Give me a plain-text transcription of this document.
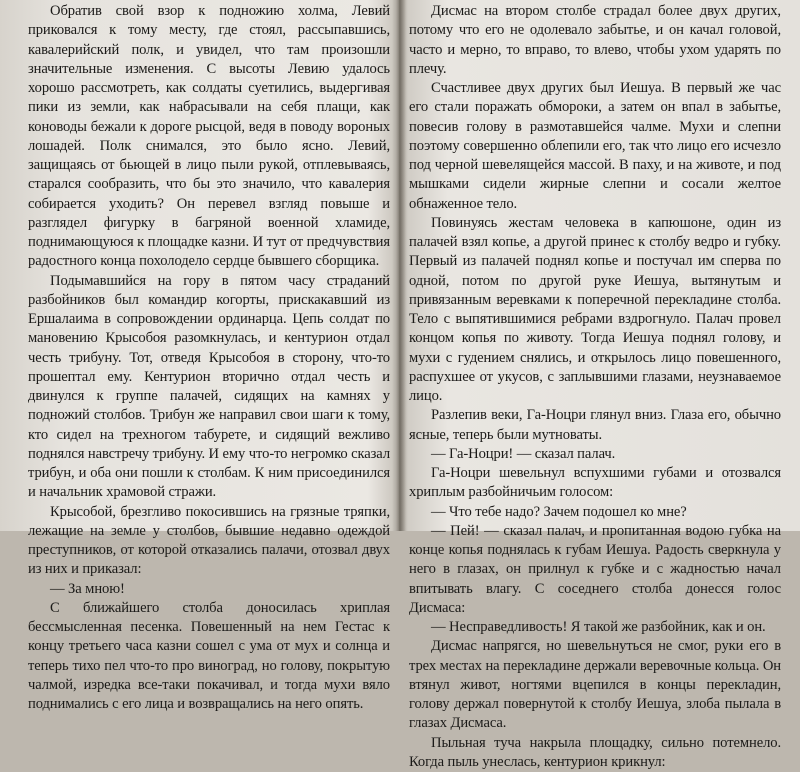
Обратив свой взор к подножию холма, Левий приковался к тому месту, где стоял, рассыпавшись, кавалерийский полк, и увидел, что там произошли значительные изменения. С высоты Левию удалось хорошо рассмотреть, как солдаты суетились, выдергивая пики из земли, как набрасывали на себя плащи, как коноводы бежали к дороге рысцой, ведя в поводу вороных лошадей. Полк снимался, это было ясно. Левий, защищаясь от бьющей в лицо пыли рукой, отплевываясь, старался сообразить, что бы это значило, что кавалерия собирается уходить? Он перевел взгляд повыше и разглядел фигурку в багряной военной хламиде, поднимающуюся к площадке казни. И тут от предчувствия радостного конца похолодело сердце бывшего сборщика.

Подымавшийся на гору в пятом часу страданий разбойников был командир когорты, прискакавший из Ершалаима в сопровождении ординарца. Цепь солдат по мановению Крысобоя разомкнулась, и кентурион отдал честь трибуну. Тот, отведя Крысобоя в сторону, что-то прошептал ему. Кентурион вторично отдал честь и двинулся к группе палачей, сидящих на камнях у подножий столбов. Трибун же направил свои шаги к тому, кто сидел на трехногом табурете, и сидящий вежливо поднялся навстречу трибуну. И ему что-то негромко сказал трибун, и оба они пошли к столбам. К ним присоединился и начальник храмовой стражи.

Крысобой, брезгливо покосившись на грязные тряпки, лежащие на земле у столбов, бывшие недавно одеждой преступников, от которой отказались палачи, отозвал двух из них и приказал:

— За мною!

С ближайшего столба доносилась хриплая бессмысленная песенка. Повешенный на нем Гестас к концу третьего часа казни сошел с ума от мух и солнца и теперь тихо пел что-то про виноград, но голову, покрытую чалмой, изредка все-таки покачивал, и тогда мухи вяло поднимались с его лица и возвращались на него опять.

Дисмас на втором столбе страдал более двух других, потому что его не одолевало забытье, и он качал головой, часто и мерно, то вправо, то влево, чтобы ухом ударять по плечу.

Счастливее двух других был Иешуа. В первый же час его стали поражать обмороки, а затем он впал в забытье, повесив голову в размотавшейся чалме. Мухи и слепни поэтому совершенно облепили его, так что лицо его исчезло под черной шевелящейся массой. В паху, и на животе, и под мышками сидели жирные слепни и сосали желтое обнаженное тело.

Повинуясь жестам человека в капюшоне, один из палачей взял копье, а другой принес к столбу ведро и губку. Первый из палачей поднял копье и постучал им сперва по одной, потом по другой руке Иешуа, вытянутым и привязанным веревками к поперечной перекладине столба. Тело с выпятившимися ребрами вздрогнуло. Палач провел концом копья по животу. Тогда Иешуа поднял голову, и мухи с гудением снялись, и открылось лицо повешенного, распухшее от укусов, с заплывшими глазами, неузнаваемое лицо.

Разлепив веки, Га-Ноцри глянул вниз. Глаза его, обычно ясные, теперь были мутноваты.

— Га-Ноцри! — сказал палач.

Га-Ноцри шевельнул вспухшими губами и отозвался хриплым разбойничьим голосом:

— Что тебе надо? Зачем подошел ко мне?

— Пей! — сказал палач, и пропитанная водою губка на конце копья поднялась к губам Иешуа. Радость сверкнула у него в глазах, он прилнул к губке и с жадностью начал впитывать влагу. С соседнего столба донесся голос Дисмаса:

— Несправедливость! Я такой же разбойник, как и он.

Дисмас напрягся, но шевельнуться не смог, руки его в трех местах на перекладине держали веревочные кольца. Он втянул живот, ногтями вцепился в концы перекладин, голову держал повернутой к столбу Иешуа, злоба пылала в глазах Дисмаса.

Пыльная туча накрыла площадку, сильно потемнело. Когда пыль унеслась, кентурион крикнул:
